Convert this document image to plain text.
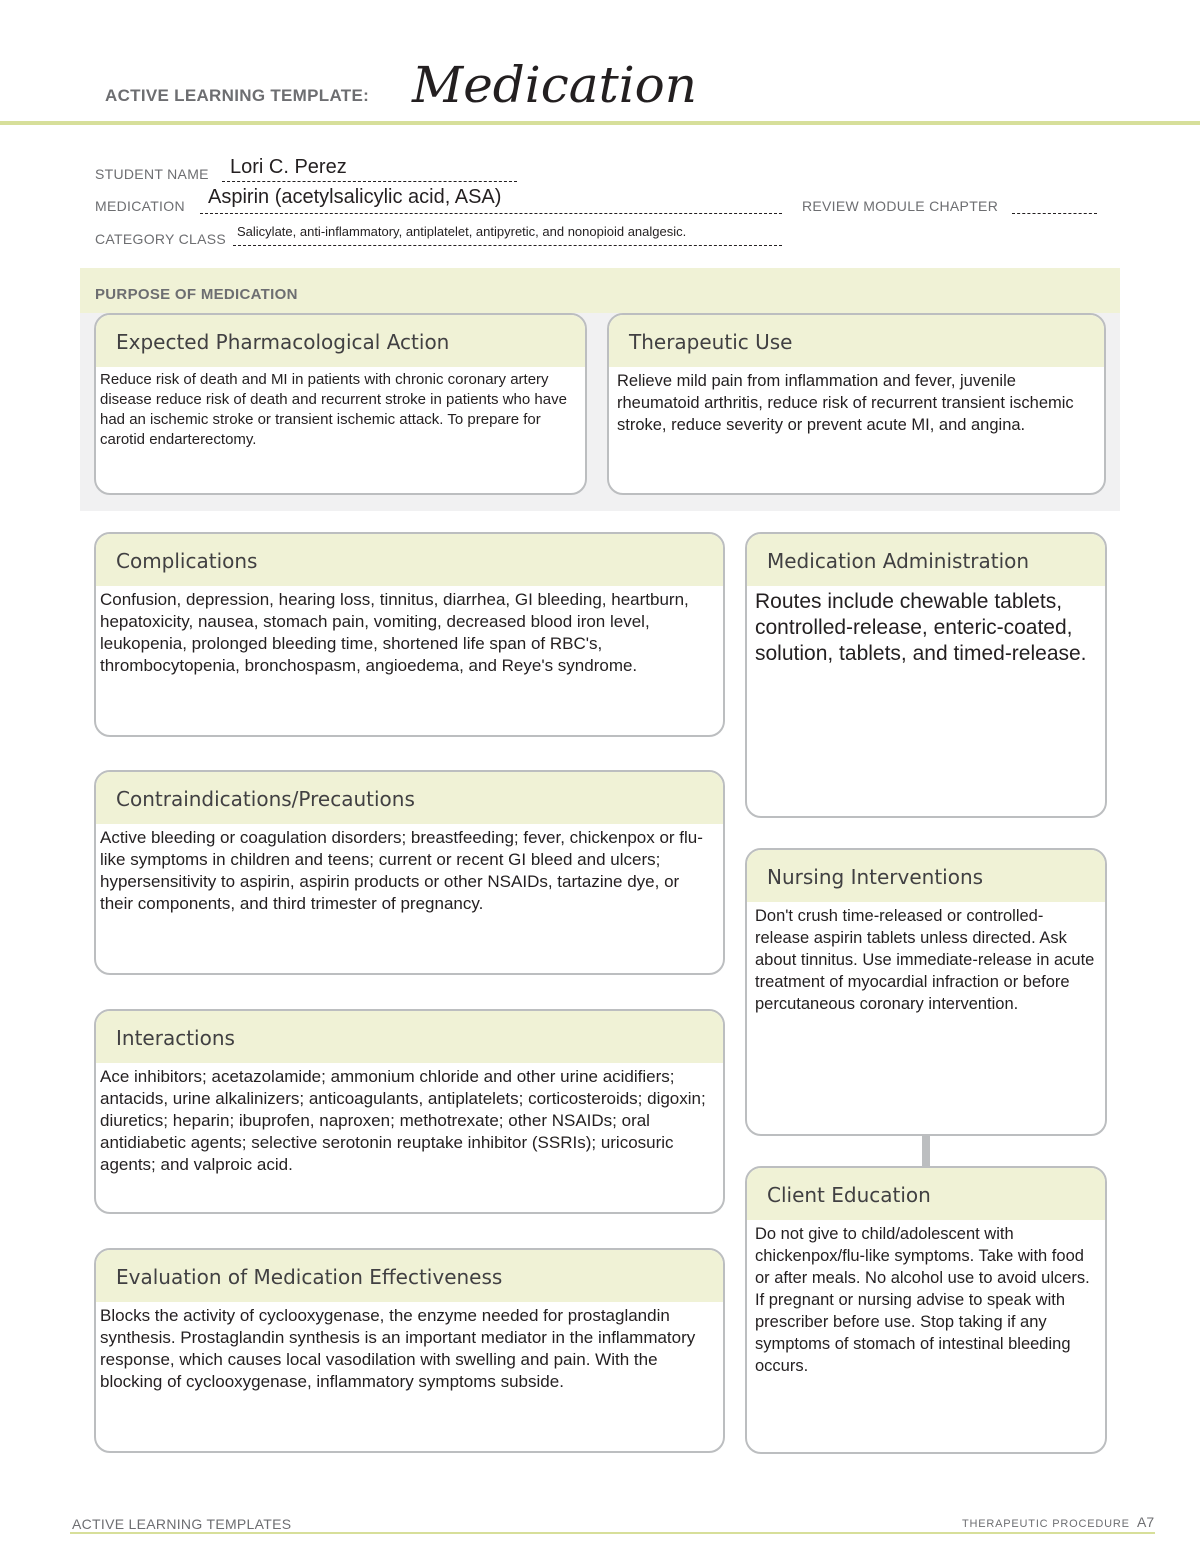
ACTIVE LEARNING TEMPLATE: Medication
STUDENT NAME Lori C. Perez
MEDICATION Aspirin (acetylsalicylic acid, ASA)	REVIEW MODULE CHAPTER
CATEGORY CLASS Salicylate, anti-inflammatory, antiplatelet, antipyretic, and nonopioid analgesic.
PURPOSE OF MEDICATION
Expected Pharmacological Action
Reduce risk of death and MI in patients with chronic coronary artery disease reduce risk of death and recurrent stroke in patients who have had an ischemic stroke or transient ischemic attack. To prepare for carotid endarterectomy.
Therapeutic Use
Relieve mild pain from inflammation and fever, juvenile rheumatoid arthritis, reduce risk of recurrent transient ischemic stroke, reduce severity or prevent acute MI, and angina.
Complications
Confusion, depression, hearing loss, tinnitus, diarrhea, GI bleeding, heartburn, hepatoxicity, nausea, stomach pain, vomiting, decreased blood iron level, leukopenia, prolonged bleeding time, shortened life span of RBC's, thrombocytopenia, bronchospasm, angioedema, and Reye's syndrome.
Contraindications/Precautions
Active bleeding or coagulation disorders; breastfeeding; fever, chickenpox or flu-like symptoms in children and teens; current or recent GI bleed and ulcers; hypersensitivity to aspirin, aspirin products or other NSAIDs, tartazine dye, or their components, and third trimester of pregnancy.
Interactions
Ace inhibitors; acetazolamide; ammonium chloride and other urine acidifiers; antacids, urine alkalinizers; anticoagulants, antiplatelets; corticosteroids; digoxin; diuretics; heparin; ibuprofen, naproxen; methotrexate; other NSAIDs; oral antidiabetic agents; selective serotonin reuptake inhibitor (SSRIs); uricosuric agents; and valproic acid.
Evaluation of Medication Effectiveness
Blocks the activity of cyclooxygenase, the enzyme needed for prostaglandin synthesis. Prostaglandin synthesis is an important mediator in the inflammatory response, which causes local vasodilation with swelling and pain. With the blocking of cyclooxygenase, inflammatory symptoms subside.
Medication Administration
Routes include chewable tablets, controlled-release, enteric-coated, solution, tablets, and timed-release.
Nursing Interventions
Don't crush time-released or controlled-release aspirin tablets unless directed. Ask about tinnitus. Use immediate-release in acute treatment of myocardial infraction or before percutaneous coronary intervention.
Client Education
Do not give to child/adolescent with chickenpox/flu-like symptoms. Take with food or after meals. No alcohol use to avoid ulcers. If pregnant or nursing advise to speak with prescriber before use. Stop taking if any symptoms of stomach of intestinal bleeding occurs.
ACTIVE LEARNING TEMPLATES	THERAPEUTIC PROCEDURE A7
